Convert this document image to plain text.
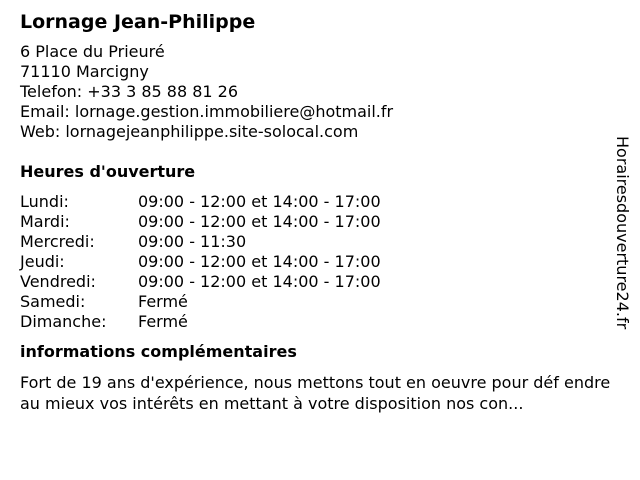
Lornage Jean-Philippe
6 Place du Prieuré
71110 Marcigny
Telefon: +33 3 85 88 81 26
Email: lornage.gestion.immobiliere@hotmail.fr
Web: lornagejeanphilippe.site-solocal.com
Heures d'ouverture
Lundi:	09:00 - 12:00 et 14:00 - 17:00
Mardi:	09:00 - 12:00 et 14:00 - 17:00
Mercredi:	09:00 - 11:30
Jeudi:	09:00 - 12:00 et 14:00 - 17:00
Vendredi:	09:00 - 12:00 et 14:00 - 17:00
Samedi:	Fermé
Dimanche: Fermé
informations complémentaires
Fort de 19 ans d'expérience, nous mettons tout en oeuvre pour déf endre au mieux vos intérêts en mettant à votre disposition nos con...
Horairesdouverture24.fr
